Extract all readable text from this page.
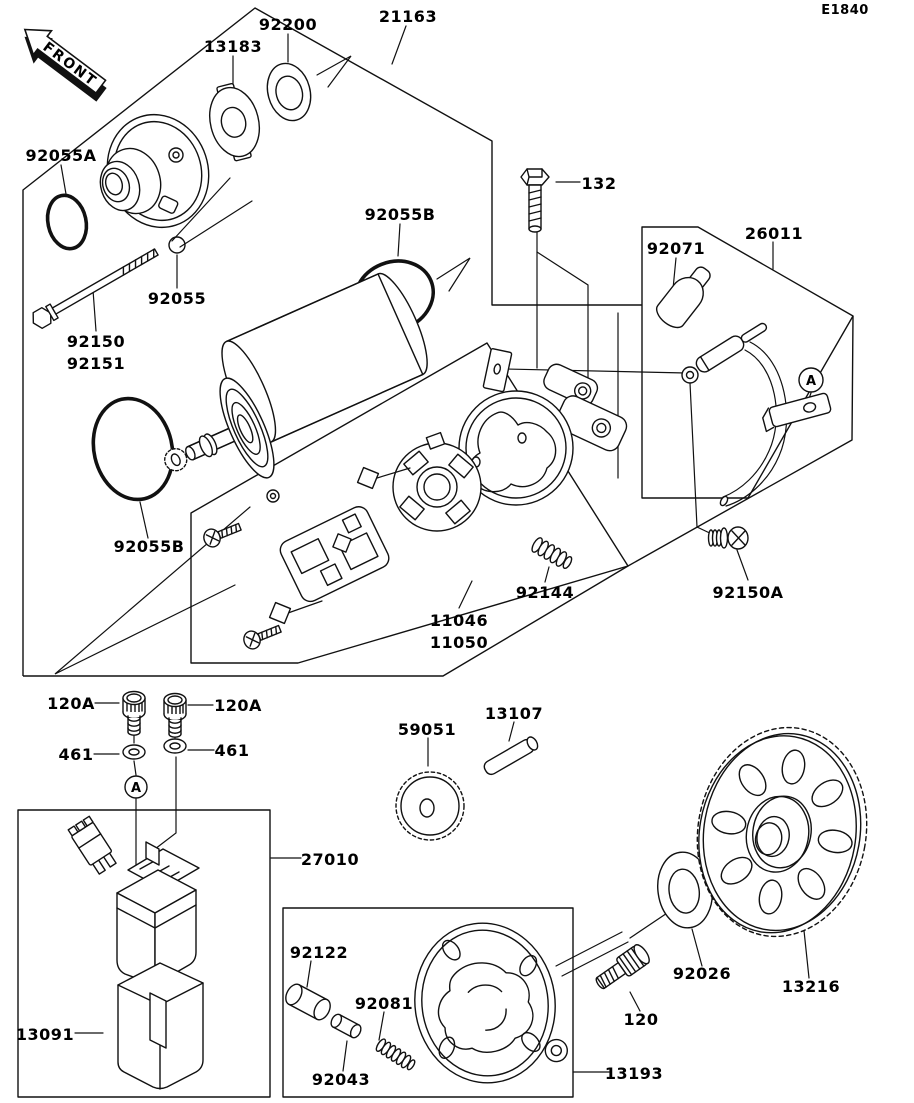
FRONT
E1840
21163
92200
13183
92055A
92055B
132
26011
92071
92055
92150
92151
92055B
92144
11046
11050
92150A
120A	120A
461	461
27010
13091
59051
13107
92122
92043
92081
13193
92026
13216
120
A
A
